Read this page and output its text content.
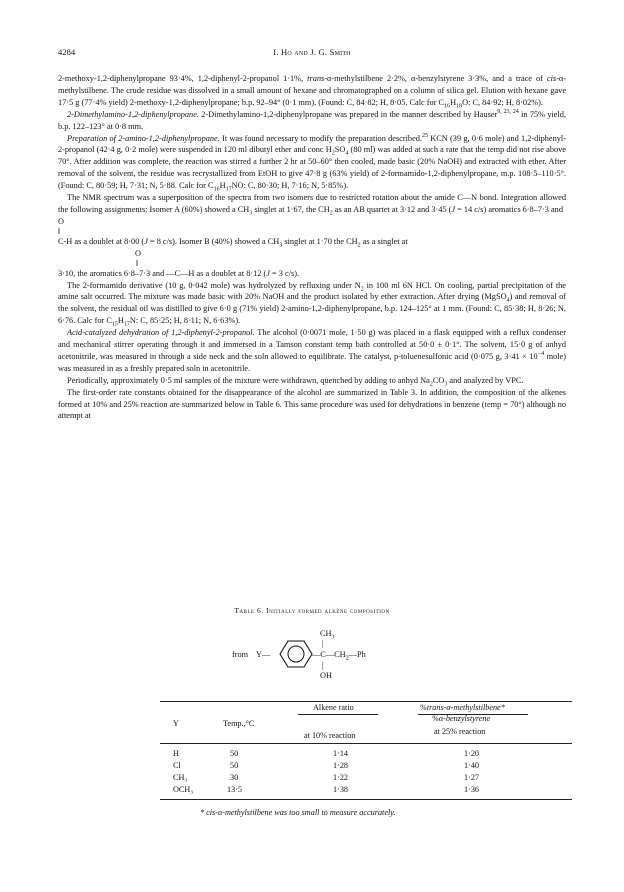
4284	I. Ho and J. G. Smith

2-methoxy-1,2-diphenylpropane 93·4%, 1,2-diphenyl-2-propanol 1·1%, trans-α-methylstilbene 2·2%, α-benzylstyrene 3·3%, and a trace of cis-α-methylstilbene. The crude residue was dissolved in a small amount of hexane and chromatographed on a column of silica gel. Elution with hexane gave 17·5 g (77·4% yield) 2-methoxy-1,2-diphenylpropane; b.p. 92–94° (0·1 mm). (Found: C, 84·82; H, 8·05. Calc for $C_{16}H_{18}O$: C, 84·92; H, 8·02%).

2-Dimethylamino-1,2-diphenylpropane. 2-Dimethylamino-1,2-diphenylpropane was prepared in the manner described by Hauser$^{9, 23, 24}$ in 75% yield, b.p. 122–123° at 0·8 mm.

Preparation of 2-amino-1,2-diphenylpropane. It was found necessary to modify the preparation described.$^{25}$ KCN (39 g, 0·6 mole) and 1,2-diphenyl-2-propanol (42·4 g, 0·2 mole) were suspended in 120 ml dibutyl ether and conc $H_2SO_4$ (80 ml) was added at such a rate that the temp did not rise above 70°. After addition was complete, the reaction was stirred a further 2 hr at 50–60° then cooled, made basic (20% NaOH) and extracted with ether. After removal of the solvent, the residue was recrystallized from EtOH to give 47·8 g (63% yield) of 2-formamido-1,2-diphenylpropane, m.p. 108·5–110·5°. (Found: C, 80·59; H, 7·31; N, 5·88. Calc for $C_{16}H_{17}NO$: C, 80·30; H, 7·16; N, 5·85%).

The NMR spectrum was a superposition of the spectra from two isomers due to restricted rotation about the amide C—N bond. Integration allowed the following assignments; Isomer A (60%) showed a $CH_3$ singlet at 1·67, the $CH_2$ as an AB quartet at 3·12 and 3·45 (J = 14 c/s) aromatics 6·8–7·3 and

O

‖

C-H as a doublet at 8·00 (J = 8 c/s). Isomer B (40%) showed a $CH_3$ singlet at 1·70 the $CH_2$ as a singlet at

O

‖

3·10, the aromatics 6·8–7·3 and —C—H as a doublet at 8·12 (J = 3 c/s).

The 2-formamido derivative (10 g, 0·042 mole) was hydrolyzed by refluxing under $N_2$ in 100 ml 6N HCl. On cooling, partial precipitation of the amine salt occurred. The mixture was made basic with 20% NaOH and the product isolated by ether extraction. After drying (MgSO$_4$) and removal of the solvent, the residual oil was distilled to give 6·0 g (71% yield) 2-amino-1,2-diphenylpropane, b.p. 124–125° at 1 mm. (Found: C, 85·38; H, 8·26; N, 6·76. Calc for $C_{15}H_{17}N$: C, 85·25; H, 8·11; N, 6·63%).

Acid-catalyzed dehydration of 1,2-diphenyl-2-propanol. The alcohol (0·0071 mole, 1·50 g) was placed in a flask equipped with a reflux condenser and mechanical stirrer operating through it and immersed in a Tamson constant temp bath controlled at 50·0 ± 0·1°. The solvent, 15·0 g of anhyd acetonitrile, was measured in through a side neck and the soln allowed to equilibrate. The catalyst, p-toluenesulfonic acid (0·075 g, $3\cdot 41 \times 10^{-4}$ mole) was measured in as a freshly prepared soln in acetonitrile.

Periodically, approximately 0·5 ml samples of the mixture were withdrawn, quenched by adding to anhyd $Na_2CO_3$ and analyzed by VPC.

The first-order rate constants obtained for the disappearance of the alcohol are summarized in Table 3. In addition, the composition of the alkenes formed at 10% and 25% reaction are summarized below in Table 6. This same procedure was used for dehydrations in benzene (temp = 70°) although no attempt at

Table 6. Initially formed alkene composition
from Y—
$CH_3$
|
$—C—CH_2—Ph$
|
OH
Alkene ratio	%trans-α-methylstilbene*
Y	Temp.,°C
%α-benzylstyrene
at 10% reaction	at 25% reaction
H	50	1·14	1·20
Cl	50	1·28	1·40
CH₃	30	1·22	1·27
OCH₃	13·5	1·38	1·36
* cis-α-methylstilbene was too small to measure accurately.
